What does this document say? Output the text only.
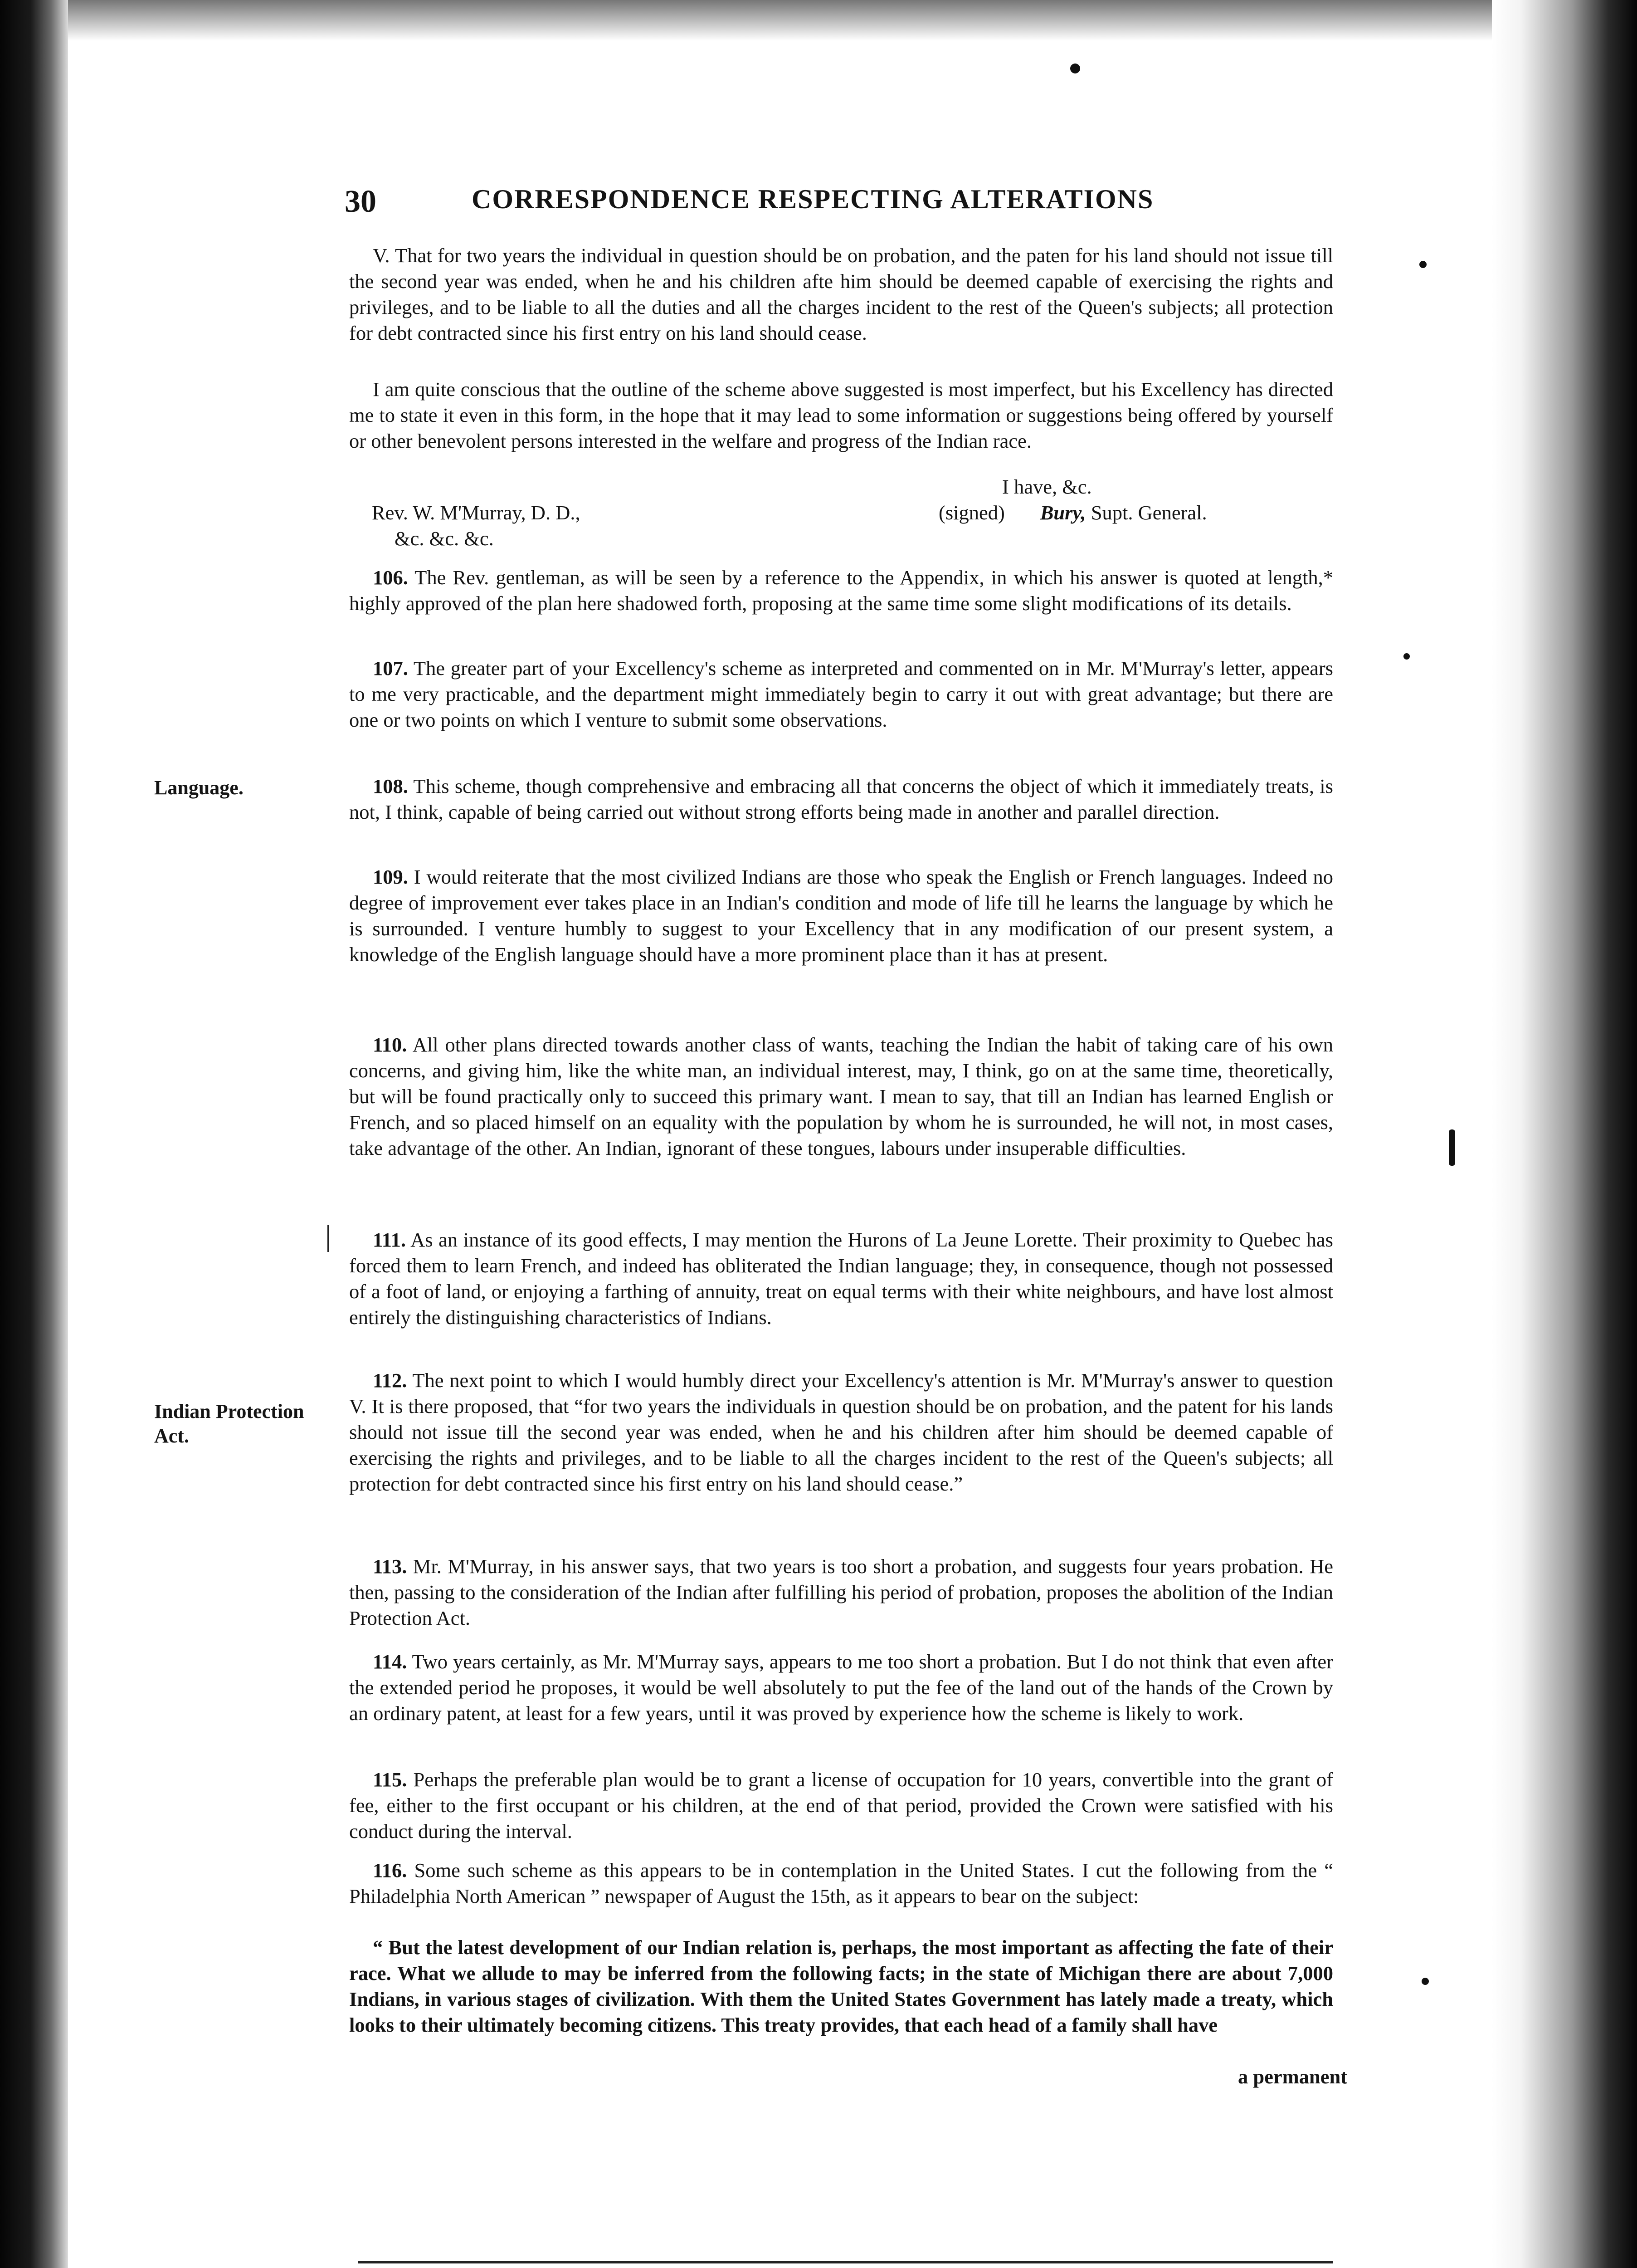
30	CORRESPONDENCE RESPECTING ALTERATIONS

V. That for two years the individual in question should be on probation, and the paten for his land should not issue till the second year was ended, when he and his children afte him should be deemed capable of exercising the rights and privileges, and to be liable to all the duties and all the charges incident to the rest of the Queen's subjects; all protection for debt contracted since his first entry on his land should cease.

I am quite conscious that the outline of the scheme above suggested is most imperfect, but his Excellency has directed me to state it even in this form, in the hope that it may lead to some information or suggestions being offered by yourself or other benevolent persons interested in the welfare and progress of the Indian race.

I have, &c.
Rev. W. M'Murray, D. D.,	(signed) Bury, Supt. General.
&c. &c. &c.

106. The Rev. gentleman, as will be seen by a reference to the Appendix, in which his answer is quoted at length,* highly approved of the plan here shadowed forth, proposing at the same time some slight modifications of its details.

107. The greater part of your Excellency's scheme as interpreted and commented on in Mr. M'Murray's letter, appears to me very practicable, and the department might immediately begin to carry it out with great advantage; but there are one or two points on which I venture to submit some observations.

108. This scheme, though comprehensive and embracing all that concerns the object of which it immediately treats, is not, I think, capable of being carried out without strong efforts being made in another and parallel direction.

109. I would reiterate that the most civilized Indians are those who speak the English or French languages. Indeed no degree of improvement ever takes place in an Indian's condition and mode of life till he learns the language by which he is surrounded. I venture humbly to suggest to your Excellency that in any modification of our present system, a knowledge of the English language should have a more prominent place than it has at present.

110. All other plans directed towards another class of wants, teaching the Indian the habit of taking care of his own concerns, and giving him, like the white man, an individual interest, may, I think, go on at the same time, theoretically, but will be found practically only to succeed this primary want. I mean to say, that till an Indian has learned English or French, and so placed himself on an equality with the population by whom he is surrounded, he will not, in most cases, take advantage of the other. An Indian, ignorant of these tongues, labours under insuperable difficulties.

111. As an instance of its good effects, I may mention the Hurons of La Jeune Lorette. Their proximity to Quebec has forced them to learn French, and indeed has obliterated the Indian language; they, in consequence, though not possessed of a foot of land, or enjoying a farthing of annuity, treat on equal terms with their white neighbours, and have lost almost entirely the distinguishing characteristics of Indians.

112. The next point to which I would humbly direct your Excellency's attention is Mr. M'Murray's answer to question V. It is there proposed, that “for two years the individuals in question should be on probation, and the patent for his lands should not issue till the second year was ended, when he and his children after him should be deemed capable of exercising the rights and privileges, and to be liable to all the charges incident to the rest of the Queen's subjects; all protection for debt contracted since his first entry on his land should cease.”

113. Mr. M'Murray, in his answer says, that two years is too short a probation, and suggests four years probation. He then, passing to the consideration of the Indian after fulfilling his period of probation, proposes the abolition of the Indian Protection Act.

114. Two years certainly, as Mr. M'Murray says, appears to me too short a probation. But I do not think that even after the extended period he proposes, it would be well absolutely to put the fee of the land out of the hands of the Crown by an ordinary patent, at least for a few years, until it was proved by experience how the scheme is likely to work.

115. Perhaps the preferable plan would be to grant a license of occupation for 10 years, convertible into the grant of fee, either to the first occupant or his children, at the end of that period, provided the Crown were satisfied with his conduct during the interval.

116. Some such scheme as this appears to be in contemplation in the United States. I cut the following from the “ Philadelphia North American ” newspaper of August the 15th, as it appears to bear on the subject:

“ But the latest development of our Indian relation is, perhaps, the most important as affecting the fate of their race. What we allude to may be inferred from the following facts; in the state of Michigan there are about 7,000 Indians, in various stages of civilization. With them the United States Government has lately made a treaty, which looks to their ultimately becoming citizens. This treaty provides, that each head of a family shall have

a permanent
Language.
Indian Protection Act.
